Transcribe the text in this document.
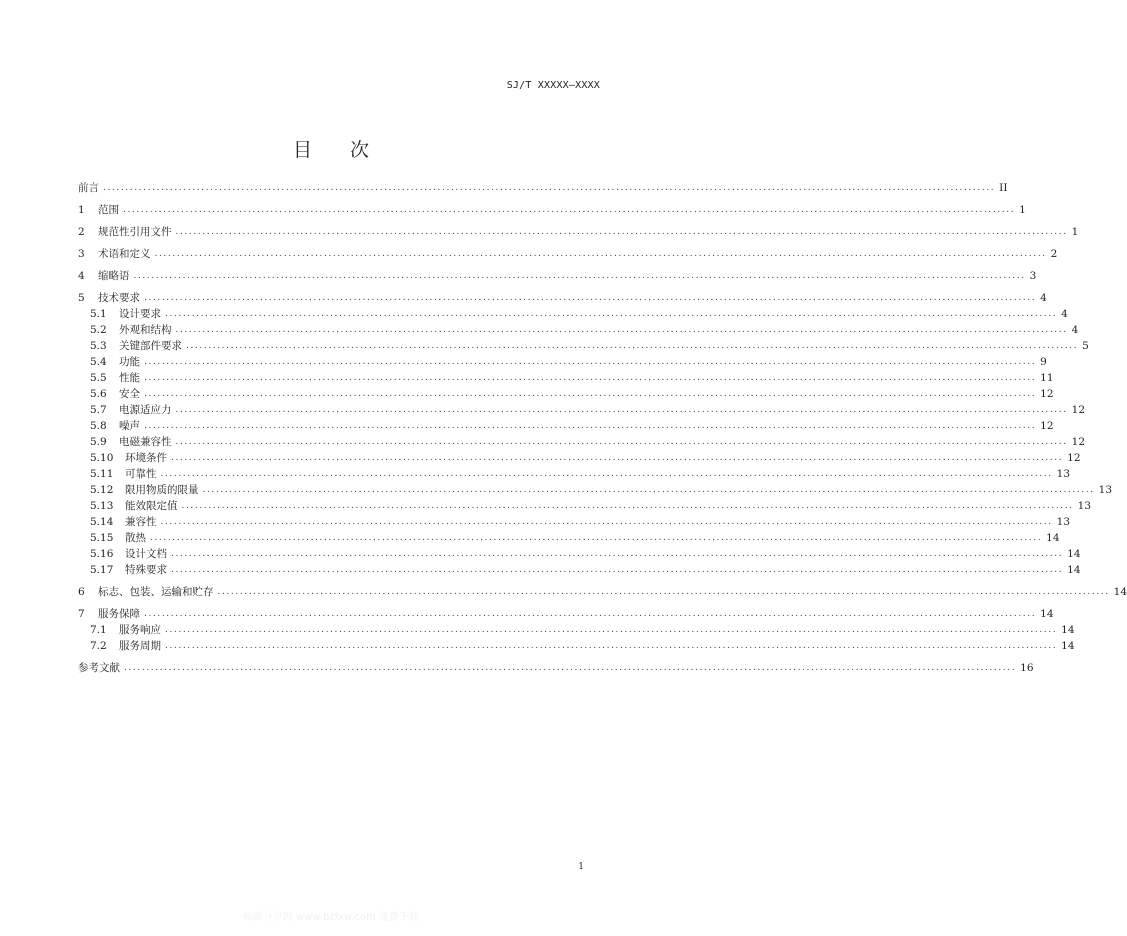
SJ/T XXXXX—XXXX
目次
前言 ........................................................................................................................................................................................................ II
1 范围 ........................................................................................................................................................................................................ 1
2 规范性引用文件 ........................................................................................................................................................................................................ 1
3 术语和定义 ........................................................................................................................................................................................................ 2
4 缩略语 ........................................................................................................................................................................................................ 3
5 技术要求 ........................................................................................................................................................................................................ 4
5.1 设计要求 ........................................................................................................................................................................................................ 4
5.2 外观和结构 ........................................................................................................................................................................................................ 4
5.3 关键部件要求 ........................................................................................................................................................................................................ 5
5.4 功能 ........................................................................................................................................................................................................ 9
5.5 性能 ........................................................................................................................................................................................................ 11
5.6 安全 ........................................................................................................................................................................................................ 12
5.7 电源适应力 ........................................................................................................................................................................................................ 12
5.8 噪声 ........................................................................................................................................................................................................ 12
5.9 电磁兼容性 ........................................................................................................................................................................................................ 12
5.10 环境条件 ........................................................................................................................................................................................................ 12
5.11 可靠性 ........................................................................................................................................................................................................ 13
5.12 限用物质的限量 ........................................................................................................................................................................................................ 13
5.13 能效限定值 ........................................................................................................................................................................................................ 13
5.14 兼容性 ........................................................................................................................................................................................................ 13
5.15 散热 ........................................................................................................................................................................................................ 14
5.16 设计文档 ........................................................................................................................................................................................................ 14
5.17 特殊要求 ........................................................................................................................................................................................................ 14
6 标志、包装、运输和贮存 ........................................................................................................................................................................................................ 14
7 服务保障 ........................................................................................................................................................................................................ 14
7.1 服务响应 ........................................................................................................................................................................................................ 14
7.2 服务周期 ........................................................................................................................................................................................................ 14
参考文献 ........................................................................................................................................................................................................ 16
1
标准分享网 www.bzfxw.com 免费下载
